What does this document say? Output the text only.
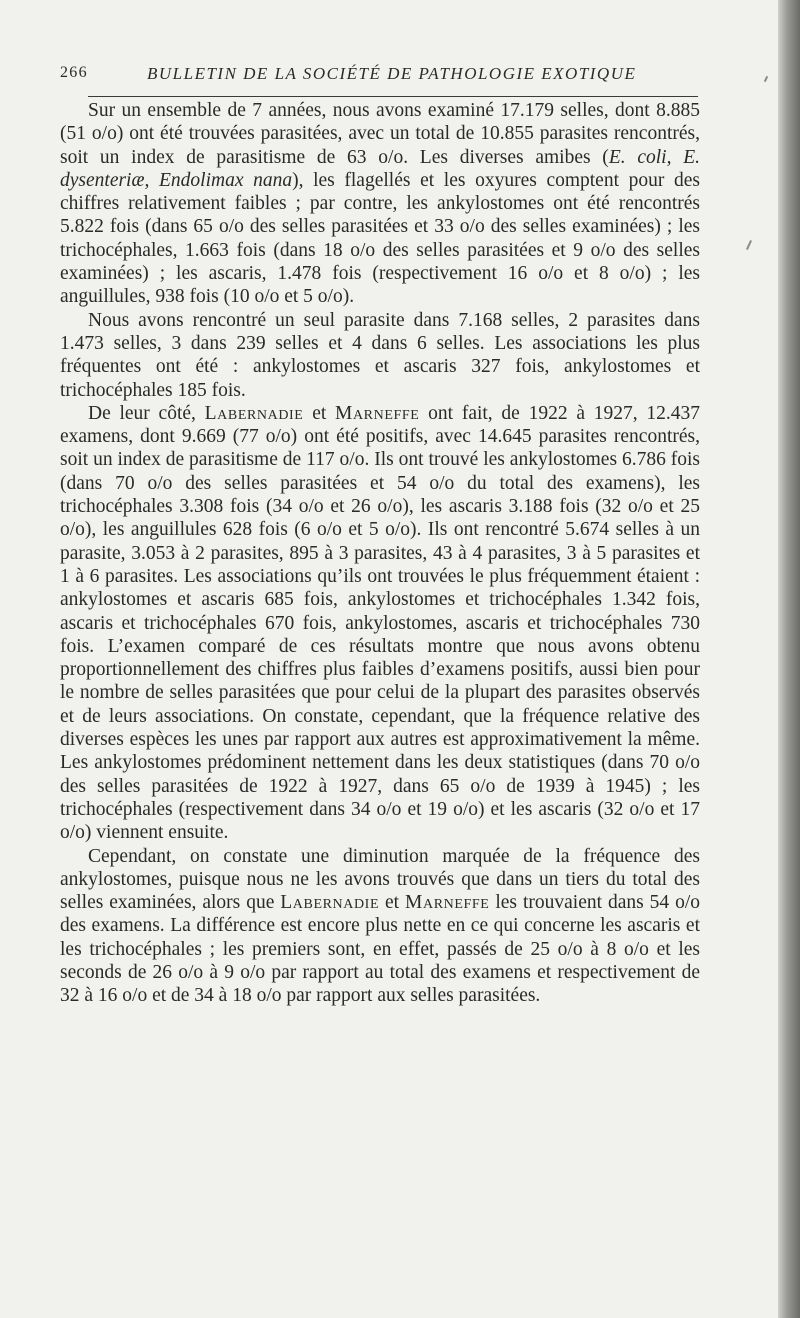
266	BULLETIN DE LA SOCIÉTÉ DE PATHOLOGIE EXOTIQUE

Sur un ensemble de 7 années, nous avons examiné 17.179 selles, dont 8.885 (51 o/o) ont été trouvées parasitées, avec un total de 10.855 parasites rencontrés, soit un index de parasitisme de 63 o/o. Les diverses amibes (E. coli, E. dysenteriæ, Endolimax nana), les flagellés et les oxyures comptent pour des chiffres relativement faibles ; par contre, les ankylostomes ont été rencontrés 5.822 fois (dans 65 o/o des selles parasitées et 33 o/o des selles examinées) ; les trichocéphales, 1.663 fois (dans 18 o/o des selles parasitées et 9 o/o des selles examinées) ; les ascaris, 1.478 fois (respectivement 16 o/o et 8 o/o) ; les anguillules, 938 fois (10 o/o et 5 o/o).

Nous avons rencontré un seul parasite dans 7.168 selles, 2 parasites dans 1.473 selles, 3 dans 239 selles et 4 dans 6 selles. Les associations les plus fréquentes ont été : ankylostomes et ascaris 327 fois, ankylostomes et trichocéphales 185 fois.

De leur côté, Labernadie et Marneffe ont fait, de 1922 à 1927, 12.437 examens, dont 9.669 (77 o/o) ont été positifs, avec 14.645 parasites rencontrés, soit un index de parasitisme de 117 o/o. Ils ont trouvé les ankylostomes 6.786 fois (dans 70 o/o des selles parasitées et 54 o/o du total des examens), les trichocéphales 3.308 fois (34 o/o et 26 o/o), les ascaris 3.188 fois (32 o/o et 25 o/o), les anguillules 628 fois (6 o/o et 5 o/o). Ils ont rencontré 5.674 selles à un parasite, 3.053 à 2 parasites, 895 à 3 parasites, 43 à 4 parasites, 3 à 5 parasites et 1 à 6 parasites. Les associations qu’ils ont trouvées le plus fréquemment étaient : ankylostomes et ascaris 685 fois, ankylostomes et trichocéphales 1.342 fois, ascaris et trichocéphales 670 fois, ankylostomes, ascaris et trichocéphales 730 fois. L’examen comparé de ces résultats montre que nous avons obtenu proportionnellement des chiffres plus faibles d’examens positifs, aussi bien pour le nombre de selles parasitées que pour celui de la plupart des parasites observés et de leurs associations. On constate, cependant, que la fréquence relative des diverses espèces les unes par rapport aux autres est approximativement la même. Les ankylostomes prédominent nettement dans les deux statistiques (dans 70 o/o des selles parasitées de 1922 à 1927, dans 65 o/o de 1939 à 1945) ; les trichocéphales (respectivement dans 34 o/o et 19 o/o) et les ascaris (32 o/o et 17 o/o) viennent ensuite.

Cependant, on constate une diminution marquée de la fréquence des ankylostomes, puisque nous ne les avons trouvés que dans un tiers du total des selles examinées, alors que Labernadie et Marneffe les trouvaient dans 54 o/o des examens. La différence est encore plus nette en ce qui concerne les ascaris et les trichocéphales ; les premiers sont, en effet, passés de 25 o/o à 8 o/o et les seconds de 26 o/o à 9 o/o par rapport au total des examens et respectivement de 32 à 16 o/o et de 34 à 18 o/o par rapport aux selles parasitées.
